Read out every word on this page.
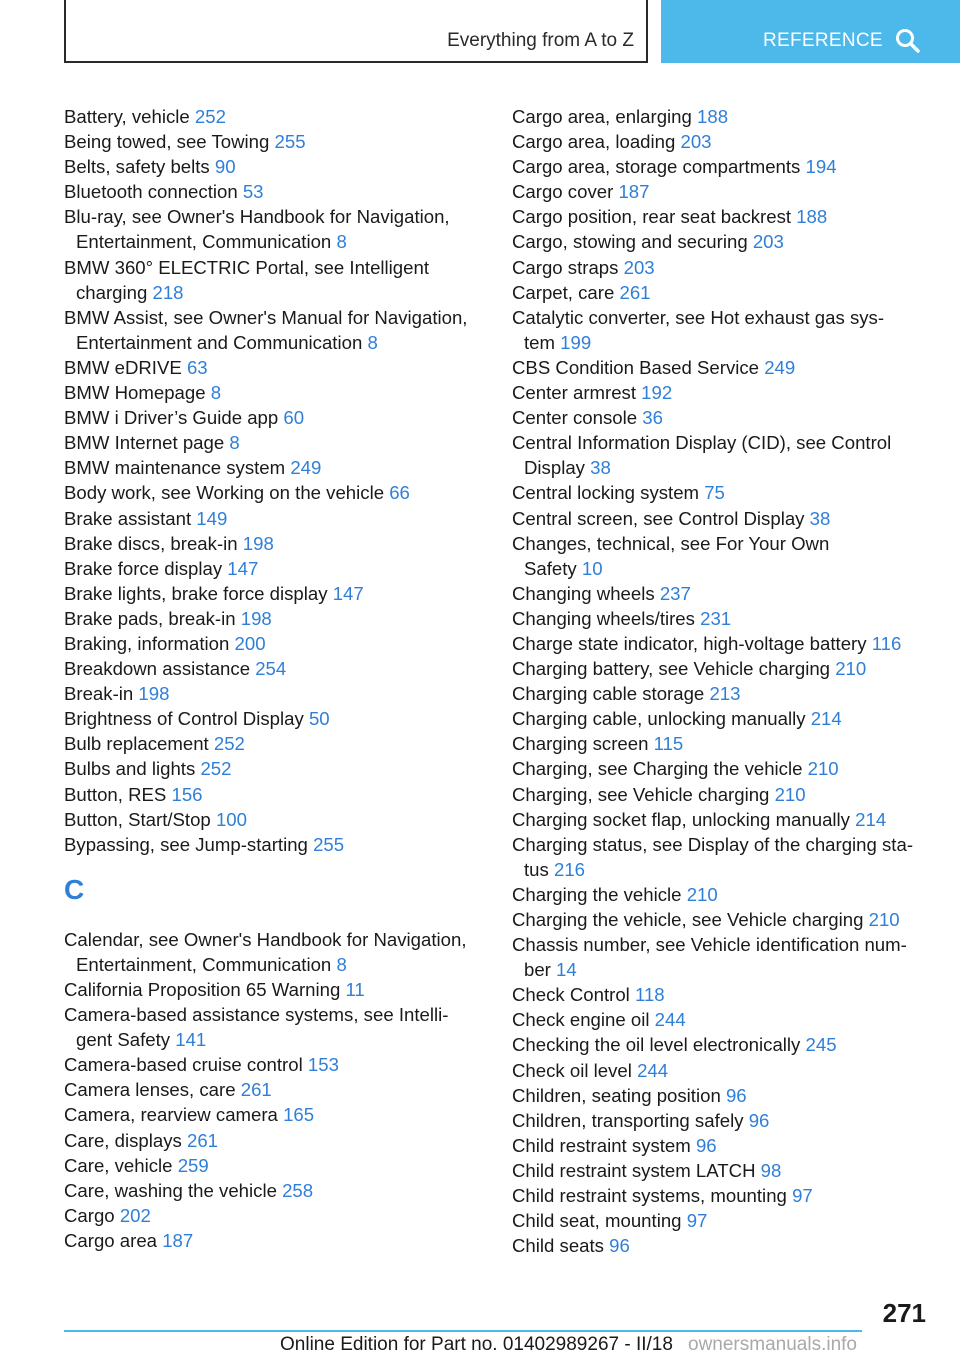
Everything from A to Z	REFERENCE
Battery, vehicle 252
Being towed, see Towing 255
Belts, safety belts 90
Bluetooth connection 53
Blu-ray, see Owner's Handbook for Navigation,
Entertainment, Communication 8
BMW 360° ELECTRIC Portal, see Intelligent
charging 218
BMW Assist, see Owner's Manual for Navigation,
Entertainment and Communication 8
BMW eDRIVE 63
BMW Homepage 8
BMW i Driver’s Guide app 60
BMW Internet page 8
BMW maintenance system 249
Body work, see Working on the vehicle 66
Brake assistant 149
Brake discs, break-in 198
Brake force display 147
Brake lights, brake force display 147
Brake pads, break-in 198
Braking, information 200
Breakdown assistance 254
Break-in 198
Brightness of Control Display 50
Bulb replacement 252
Bulbs and lights 252
Button, RES 156
Button, Start/Stop 100
Bypassing, see Jump-starting 255
C
Calendar, see Owner's Handbook for Navigation,
Entertainment, Communication 8
California Proposition 65 Warning 11
Camera-based assistance systems, see Intelli‐
gent Safety 141
Camera-based cruise control 153
Camera lenses, care 261
Camera, rearview camera 165
Care, displays 261
Care, vehicle 259
Care, washing the vehicle 258
Cargo 202
Cargo area 187
Cargo area, enlarging 188
Cargo area, loading 203
Cargo area, storage compartments 194
Cargo cover 187
Cargo position, rear seat backrest 188
Cargo, stowing and securing 203
Cargo straps 203
Carpet, care 261
Catalytic converter, see Hot exhaust gas sys‐
tem 199
CBS Condition Based Service 249
Center armrest 192
Center console 36
Central Information Display (CID), see Control
Display 38
Central locking system 75
Central screen, see Control Display 38
Changes, technical, see For Your Own
Safety 10
Changing wheels 237
Changing wheels/tires 231
Charge state indicator, high-voltage battery 116
Charging battery, see Vehicle charging 210
Charging cable storage 213
Charging cable, unlocking manually 214
Charging screen 115
Charging, see Charging the vehicle 210
Charging, see Vehicle charging 210
Charging socket flap, unlocking manually 214
Charging status, see Display of the charging sta‐
tus 216
Charging the vehicle 210
Charging the vehicle, see Vehicle charging 210
Chassis number, see Vehicle identification num‐
ber 14
Check Control 118
Check engine oil 244
Checking the oil level electronically 245
Check oil level 244
Children, seating position 96
Children, transporting safely 96
Child restraint system 96
Child restraint system LATCH 98
Child restraint systems, mounting 97
Child seat, mounting 97
Child seats 96
271
Online Edition for Part no. 01402989267 - II/18 ownersmanuals.info
